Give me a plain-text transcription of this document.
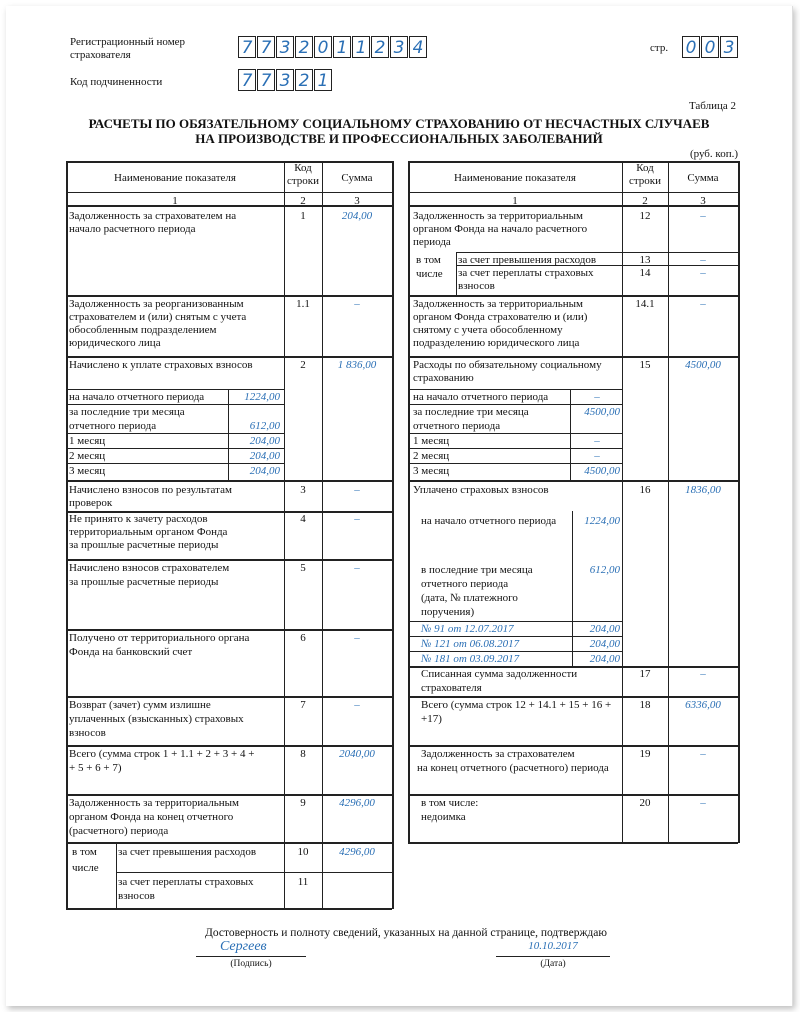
Регистрационный номер
страхователя	7 7 3 2 0 1 1 2 3 4	стр. 0 0 3
Код подчиненности	7 7 3 2 1
Таблица 2
РАСЧЕТЫ ПО ОБЯЗАТЕЛЬНОМУ СОЦИАЛЬНОМУ СТРАХОВАНИЮ ОТ НЕСЧАСТНЫХ СЛУЧАЕВ
НА ПРОИЗВОДСТВЕ И ПРОФЕССИОНАЛЬНЫХ ЗАБОЛЕВАНИЙ
(руб. коп.)
Наименование показателя
Код
строки	Сумма
1	2	3
Наименование показателя
Код
строки	Сумма
1	2	3
Задолженность за страхователем на
начало расчетного периода
1	204,00
Задолженность за реорганизованным
страхователем и (или) снятым с учета
обособленным подразделением
юридического лица
1.1	–
Начислено к уплате страховых взносов	2	1 836,00
на начало отчетного периода	1224,00
за последние три месяца
отчетного периода	612,00
1 месяц	204,00
2 месяц	204,00
3 месяц	204,00
Начислено взносов по результатам
проверок
3	–
Не принято к зачету расходов
территориальным органом Фонда
за прошлые расчетные периоды
4	–
Начислено взносов страхователем
за прошлые расчетные периоды
5	–
Получено от территориального органа
Фонда на банковский счет
6	–
Возврат (зачет) сумм излишне
уплаченных (взысканных) страховых
взносов
7	–
Всего (сумма строк 1 + 1.1 + 2 + 3 + 4 +
+ 5 + 6 + 7)
8	2040,00
Задолженность за территориальным
органом Фонда на конец отчетного
(расчетного) периода
9	4296,00
в том
числе
за счет превышения расходов	10	4296,00
за счет переплаты страховых
взносов
11
Задолженность за территориальным
органом Фонда на начало расчетного
периода
12	–
в том
числе
за счет превышения расходов	13	–
за счет переплаты страховых
взносов
14	–
Задолженность за территориальным
органом Фонда страхователю и (или)
снятому с учета обособленному
подразделению юридического лица
14.1	–
Расходы по обязательному социальному
страхованию
15	4500,00
на начало отчетного периода	–
за последние три месяца
отчетного периода
4500,00
1 месяц	–
2 месяц	–
3 месяц	4500,00
Уплачено страховых взносов	16	1836,00
на начало отчетного периода	1224,00
в последние три месяца
отчетного периода
(дата, № платежного
поручения)
612,00
№ 91 от 12.07.2017	204,00
№ 121 от 06.08.2017	204,00
№ 181 от 03.09.2017	204,00
Списанная сумма задолженности
страхователя
17	–
Всего (сумма строк 12 + 14.1 + 15 + 16 +
+17)
18	6336,00
Задолженность за страхователем
на конец отчетного (расчетного) периода
19	–
в том числе:
недоимка
20	–
Достоверность и полноту сведений, указанных на данной странице, подтверждаю
Сергеев
(Подпись)
10.10.2017
(Дата)
